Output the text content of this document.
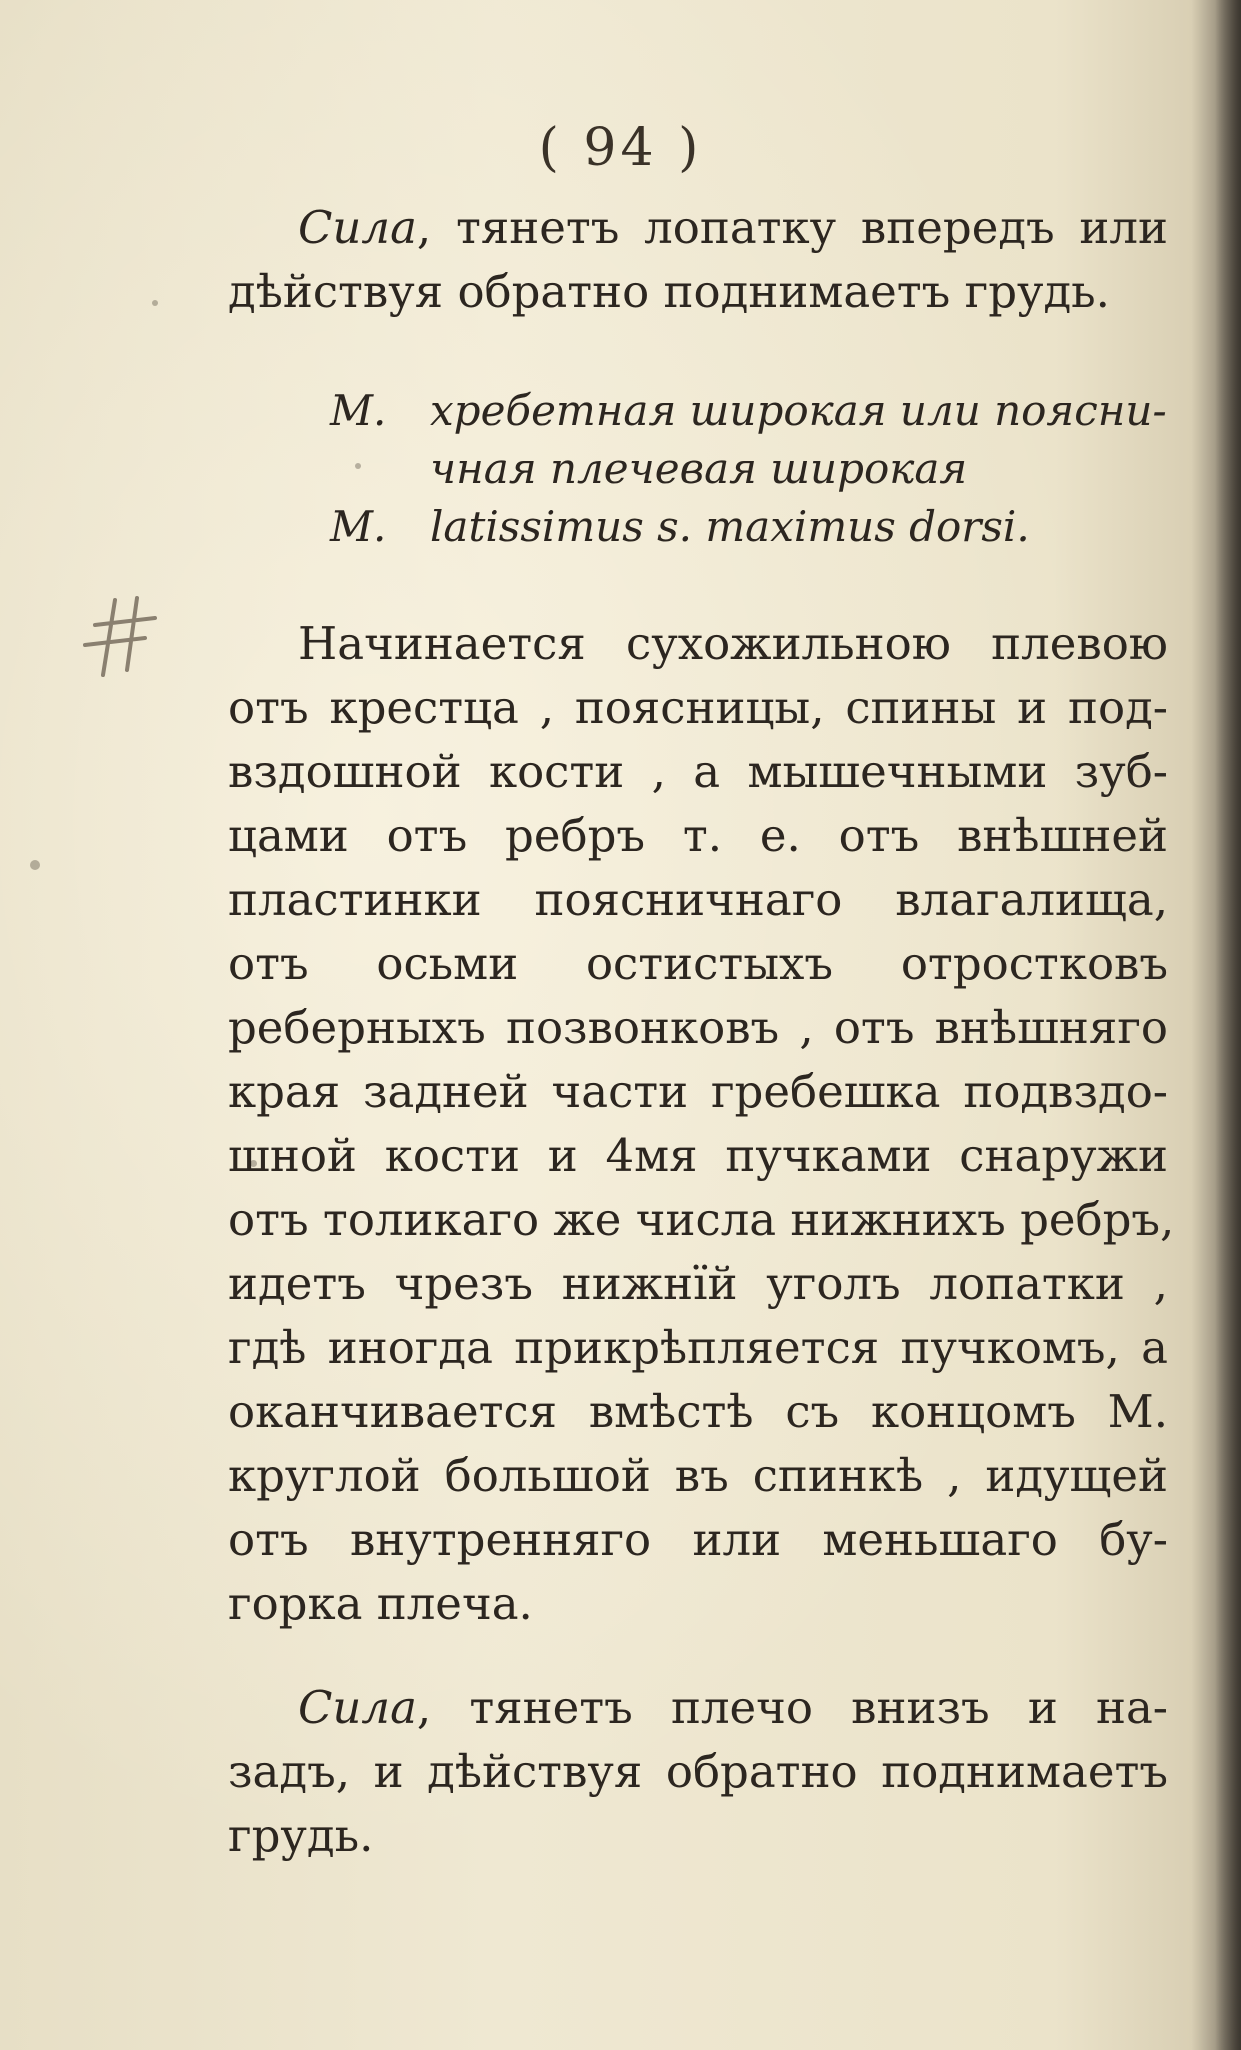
( 94 )
Сила, тянетъ лопатку впередъ или
дѣйствуя обратно поднимаетъ грудь.
M.	хребетная широкая или поясни-
чная плечевая широкая
M.	latissimus s. maximus dorsi.
Начинается сухожильною плевою
отъ крестца , поясницы, спины и под-
вздошной кости , а мышечными зуб-
цами отъ ребръ т. е. отъ внѣшней
пластинки поясничнаго влагалища,
отъ осьми остистыхъ отростковъ
реберныхъ позвонковъ , отъ внѣшняго
края задней части гребешка подвздо-
шной кости и 4мя пучками снаружи
отъ толикаго же числа нижнихъ ребръ,
идетъ чрезъ нижнїй уголъ лопатки ,
гдѣ иногда прикрѣпляется пучкомъ, а
оканчивается вмѣстѣ съ концомъ M.
круглой большой въ спинкѣ , идущей
отъ внутренняго или меньшаго бу-
горка плеча.
Сила, тянетъ плечо внизъ и на-
задъ, и дѣйствуя обратно поднимаетъ
грудь.
